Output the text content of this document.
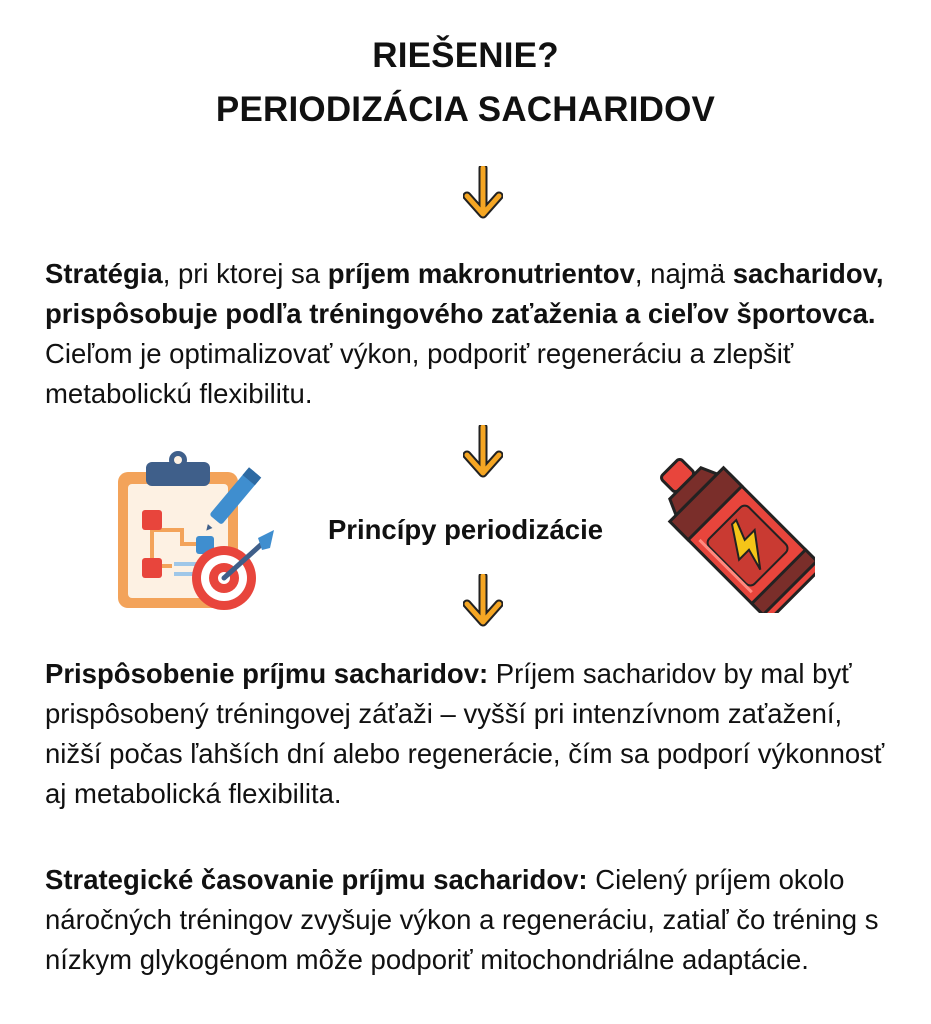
RIEŠENIE?
PERIODIZÁCIA SACHARIDOV

Stratégia, pri ktorej sa príjem makronutrientov, najmä sacharidov, prispôsobuje podľa tréningového zaťaženia a cieľov športovca. Cieľom je optimalizovať výkon, podporiť regeneráciu a zlepšiť metabolickú flexibilitu.

Princípy periodizácie

Prispôsobenie príjmu sacharidov: Príjem sacharidov by mal byť prispôsobený tréningovej záťaži – vyšší pri intenzívnom zaťažení, nižší počas ľahších dní alebo regenerácie, čím sa podporí výkonnosť aj metabolická flexibilita.

Strategické časovanie príjmu sacharidov: Cielený príjem okolo náročných tréningov zvyšuje výkon a regeneráciu, zatiaľ čo tréning s nízkym glykogénom môže podporiť mitochondriálne adaptácie.
